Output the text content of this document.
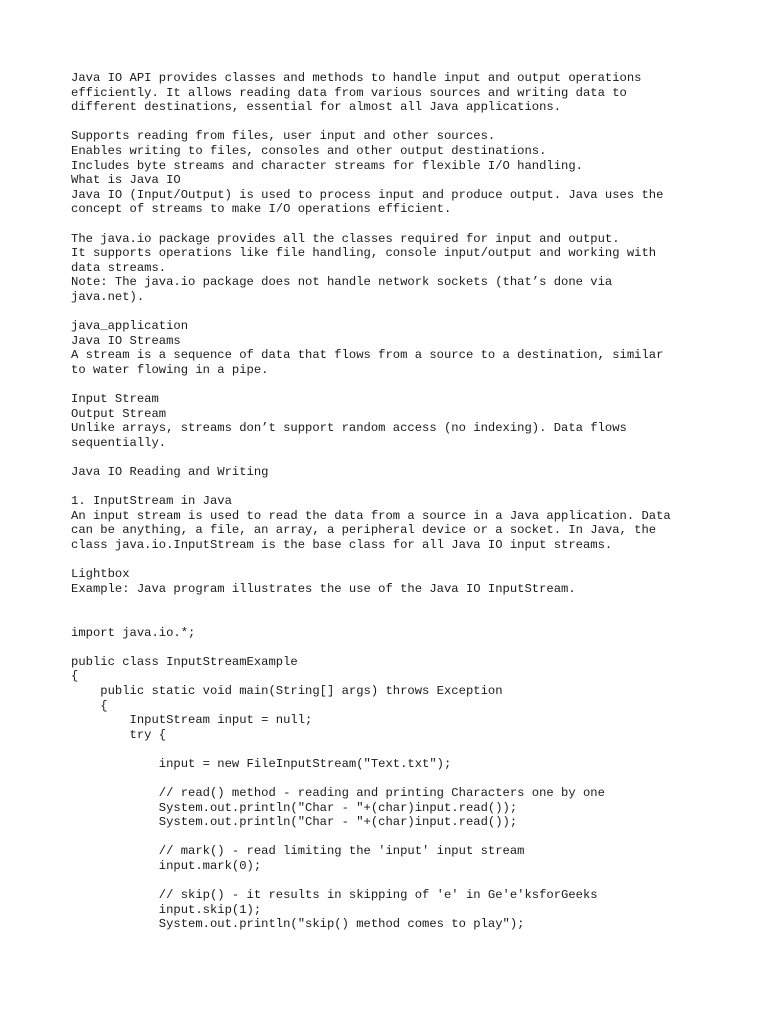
Java IO API provides classes and methods to handle input and output operations
efficiently. It allows reading data from various sources and writing data to
different destinations, essential for almost all Java applications.
Supports reading from files, user input and other sources.
Enables writing to files, consoles and other output destinations.
Includes byte streams and character streams for flexible I/O handling.
What is Java IO
Java IO (Input/Output) is used to process input and produce output. Java uses the
concept of streams to make I/O operations efficient.
The java.io package provides all the classes required for input and output.
It supports operations like file handling, console input/output and working with
data streams.
Note: The java.io package does not handle network sockets (that’s done via
java.net).
java_application
Java IO Streams
A stream is a sequence of data that flows from a source to a destination, similar
to water flowing in a pipe.
Input Stream
Output Stream
Unlike arrays, streams don’t support random access (no indexing). Data flows
sequentially.
Java IO Reading and Writing
1. InputStream in Java
An input stream is used to read the data from a source in a Java application. Data
can be anything, a file, an array, a peripheral device or a socket. In Java, the
class java.io.InputStream is the base class for all Java IO input streams.
Lightbox
Example: Java program illustrates the use of the Java IO InputStream.
import java.io.*;
public class InputStreamExample
{
public static void main(String[] args) throws Exception
{
InputStream input = null;
try {
input = new FileInputStream("Text.txt");
// read() method - reading and printing Characters one by one
System.out.println("Char - "+(char)input.read());
System.out.println("Char - "+(char)input.read());
// mark() - read limiting the 'input' input stream
input.mark(0);
// skip() - it results in skipping of 'e' in Ge'e'ksforGeeks
input.skip(1);
System.out.println("skip() method comes to play");
